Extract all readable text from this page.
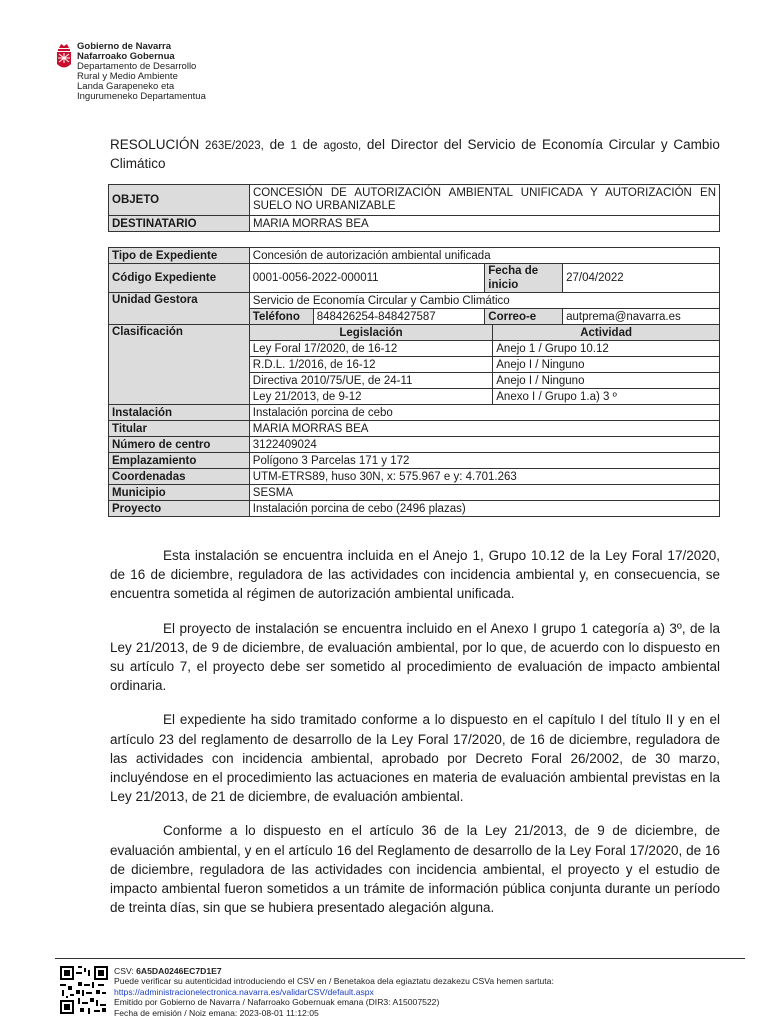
Gobierno de Navarra
Nafarroako Gobernua
Departamento de Desarrollo
Rural y Medio Ambiente
Landa Garapeneko eta
Ingurumeneko Departamentua
RESOLUCIÓN 263E/2023, de 1 de agosto, del Director del Servicio de Economía Circular y Cambio Climático
OBJETO	CONCESIÓN DE AUTORIZACIÓN AMBIENTAL UNIFICADA Y AUTORIZACIÓN EN SUELO NO URBANIZABLE
DESTINATARIO	MARIA MORRAS BEA
Tipo de Expediente	Concesión de autorización ambiental unificada				
Código Expediente	0001-0056-2022-000011		Fecha de inicio		27/04/2022
Unidad Gestora	Servicio de Economía Circular y Cambio Climático				
	Teléfono	848426254-848427587	Correo-e		autprema@navarra.es
Clasificación	Legislación			Actividad	
	Ley Foral 17/2020, de 16-12			Anejo 1 / Grupo 10.12	
	R.D.L. 1/2016, de 16-12			Anejo I / Ninguno	
	Directiva 2010/75/UE, de 24-11			Anejo I / Ninguno	
	Ley 21/2013, de 9-12			Anexo I / Grupo 1.a) 3 º	
Instalación	Instalación porcina de cebo				
Titular	MARIA MORRAS BEA				
Número de centro	3122409024				
Emplazamiento	Polígono 3 Parcelas 171 y 172				
Coordenadas	UTM-ETRS89, huso 30N, x: 575.967 e y: 4.701.263				
Municipio	SESMA				
Proyecto	Instalación porcina de cebo (2496 plazas)				

Esta instalación se encuentra incluida en el Anejo 1, Grupo 10.12 de la Ley Foral 17/2020, de 16 de diciembre, reguladora de las actividades con incidencia ambiental y, en consecuencia, se encuentra sometida al régimen de autorización ambiental unificada.

El proyecto de instalación se encuentra incluido en el Anexo I grupo 1 categoría a) 3º, de la Ley 21/2013, de 9 de diciembre, de evaluación ambiental, por lo que, de acuerdo con lo dispuesto en su artículo 7, el proyecto debe ser sometido al procedimiento de evaluación de impacto ambiental ordinaria.

El expediente ha sido tramitado conforme a lo dispuesto en el capítulo I del título II y en el artículo 23 del reglamento de desarrollo de la Ley Foral 17/2020, de 16 de diciembre, reguladora de las actividades con incidencia ambiental, aprobado por Decreto Foral 26/2002, de 30 marzo, incluyéndose en el procedimiento las actuaciones en materia de evaluación ambiental previstas en la Ley 21/2013, de 21 de diciembre, de evaluación ambiental.

Conforme a lo dispuesto en el artículo 36 de la Ley 21/2013, de 9 de diciembre, de evaluación ambiental, y en el artículo 16 del Reglamento de desarrollo de la Ley Foral 17/2020, de 16 de diciembre, reguladora de las actividades con incidencia ambiental, el proyecto y el estudio de impacto ambiental fueron sometidos a un trámite de información pública conjunta durante un período de treinta días, sin que se hubiera presentado alegación alguna.

CSV: 6A5DA0246EC7D1E7
Puede verificar su autenticidad introduciendo el CSV en / Benetakoa dela egiaztatu dezakezu CSVa hemen sartuta:
https://administracionelectronica.navarra.es/validarCSV/default.aspx
Emitido por Gobierno de Navarra / Nafarroako Gobernuak emana (DIR3: A15007522)
Fecha de emisión / Noiz emana: 2023-08-01 11:12:05
